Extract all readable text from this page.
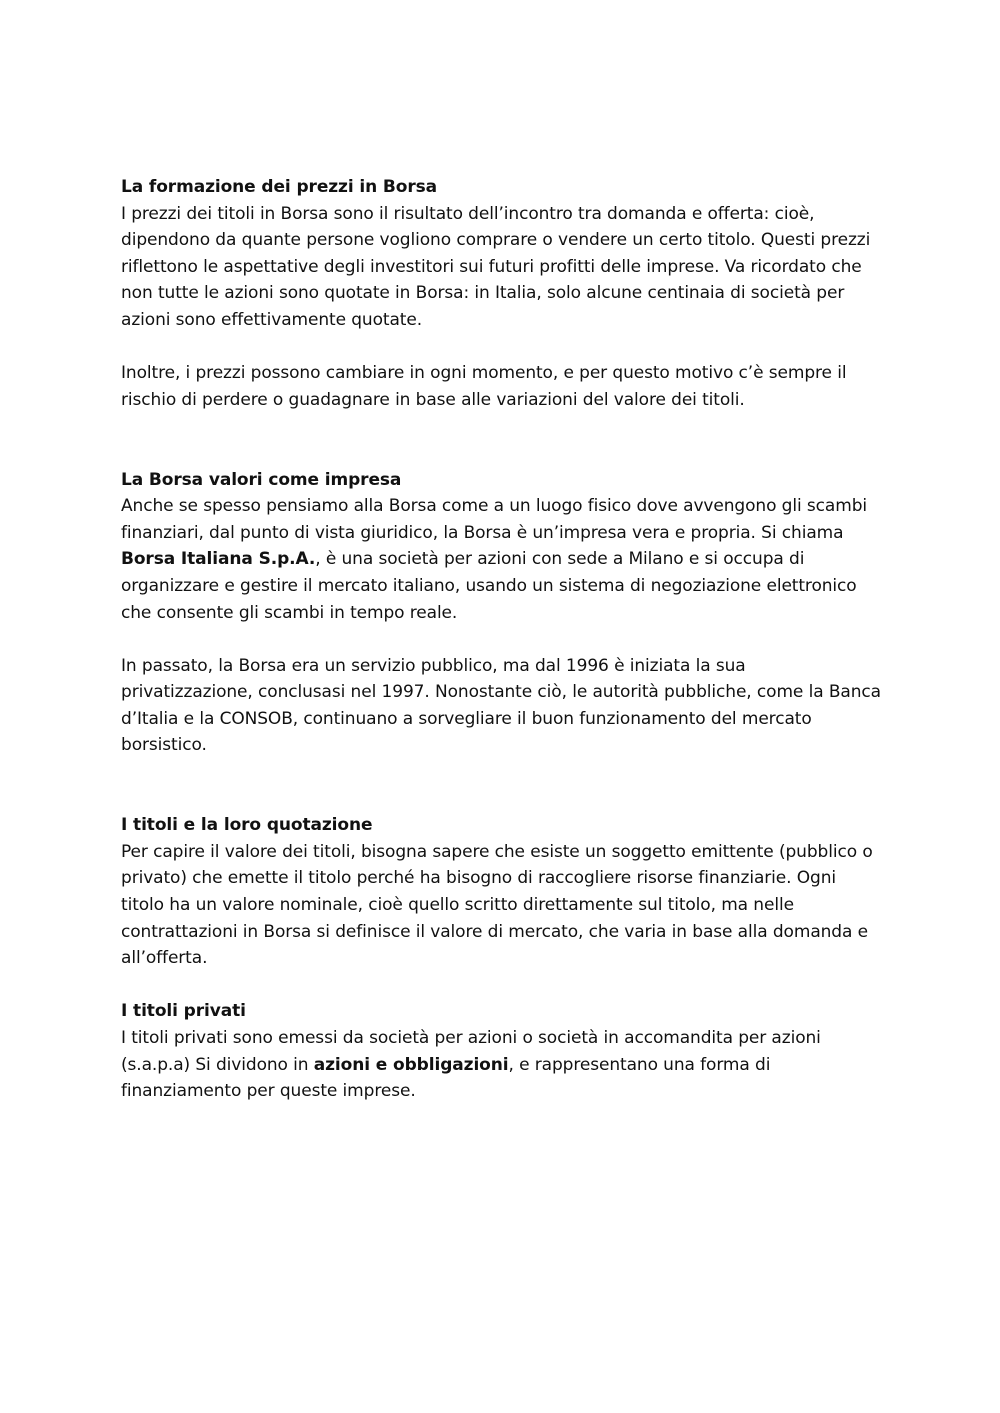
La formazione dei prezzi in Borsa

I prezzi dei titoli in Borsa sono il risultato dell’incontro tra domanda e offerta: cioè, dipendono da quante persone vogliono comprare o vendere un certo titolo. Questi prezzi riflettono le aspettative degli investitori sui futuri profitti delle imprese. Va ricordato che non tutte le azioni sono quotate in Borsa: in Italia, solo alcune centinaia di società per azioni sono effettivamente quotate.

Inoltre, i prezzi possono cambiare in ogni momento, e per questo motivo c’è sempre il rischio di perdere o guadagnare in base alle variazioni del valore dei titoli.

La Borsa valori come impresa

Anche se spesso pensiamo alla Borsa come a un luogo fisico dove avvengono gli scambi finanziari, dal punto di vista giuridico, la Borsa è un’impresa vera e propria. Si chiama Borsa Italiana S.p.A., è una società per azioni con sede a Milano e si occupa di organizzare e gestire il mercato italiano, usando un sistema di negoziazione elettronico che consente gli scambi in tempo reale.

In passato, la Borsa era un servizio pubblico, ma dal 1996 è iniziata la sua privatizzazione, conclusasi nel 1997. Nonostante ciò, le autorità pubbliche, come la Banca d’Italia e la CONSOB, continuano a sorvegliare il buon funzionamento del mercato borsistico.

I titoli e la loro quotazione

Per capire il valore dei titoli, bisogna sapere che esiste un soggetto emittente (pubblico o privato) che emette il titolo perché ha bisogno di raccogliere risorse finanziarie. Ogni titolo ha un valore nominale, cioè quello scritto direttamente sul titolo, ma nelle contrattazioni in Borsa si definisce il valore di mercato, che varia in base alla domanda e all’offerta.

I titoli privati

I titoli privati sono emessi da società per azioni o società in accomandita per azioni (s.a.p.a) Si dividono in azioni e obbligazioni, e rappresentano una forma di finanziamento per queste imprese.
